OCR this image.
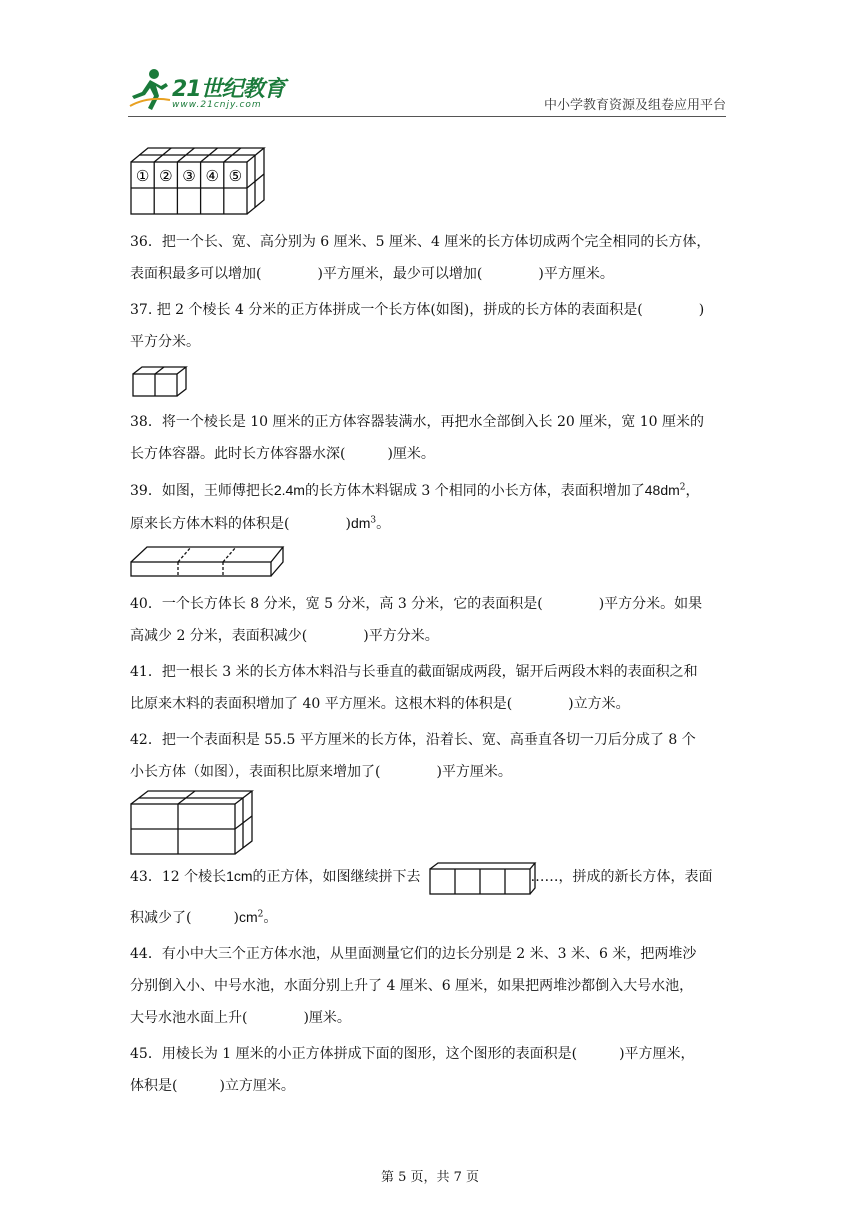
21世纪教育
www.21cnjy.com	中小学教育资源及组卷应用平台
① ② ③ ④ ⑤

36．把一个长、宽、高分别为 6 厘米、5 厘米、4 厘米的长方体切成两个完全相同的长方体，

表面积最多可以增加(　　　　)平方厘米，最少可以增加(　　　　)平方厘米。

37. 把 2 个棱长 4 分米的正方体拼成一个长方体(如图)，拼成的长方体的表面积是(　　　　)

平方分米。

38．将一个棱长是 10 厘米的正方体容器装满水，再把水全部倒入长 20 厘米，宽 10 厘米的

长方体容器。此时长方体容器水深(　　　)厘米。

39．如图，王师傅把长2.4m的长方体木料锯成 3 个相同的小长方体，表面积增加了$48dm^2$，

原来长方体木料的体积是(　　　　)$dm^3$。

40．一个长方体长 8 分米，宽 5 分米，高 3 分米，它的表面积是(　　　　)平方分米。如果

高减少 2 分米，表面积减少(　　　　)平方分米。

41．把一根长 3 米的长方体木料沿与长垂直的截面锯成两段，锯开后两段木料的表面积之和

比原来木料的表面积增加了 40 平方厘米。这根木料的体积是(　　　　)立方米。

42．把一个表面积是 55.5 平方厘米的长方体，沿着长、宽、高垂直各切一刀后分成了 8 个

小长方体（如图），表面积比原来增加了(　　　　)平方厘米。

43．12 个棱长1cm的正方体，如图继续拼下去	……，拼成的新长方体，表面

积减少了(　　　)$cm^2$。

44．有小中大三个正方体水池，从里面测量它们的边长分别是 2 米、3 米、6 米，把两堆沙

分别倒入小、中号水池，水面分别上升了 4 厘米、6 厘米，如果把两堆沙都倒入大号水池，

大号水池水面上升(　　　　)厘米。

45．用棱长为 1 厘米的小正方体拼成下面的图形，这个图形的表面积是(　　　)平方厘米，

体积是(　　　)立方厘米。

第 5 页，共 7 页
